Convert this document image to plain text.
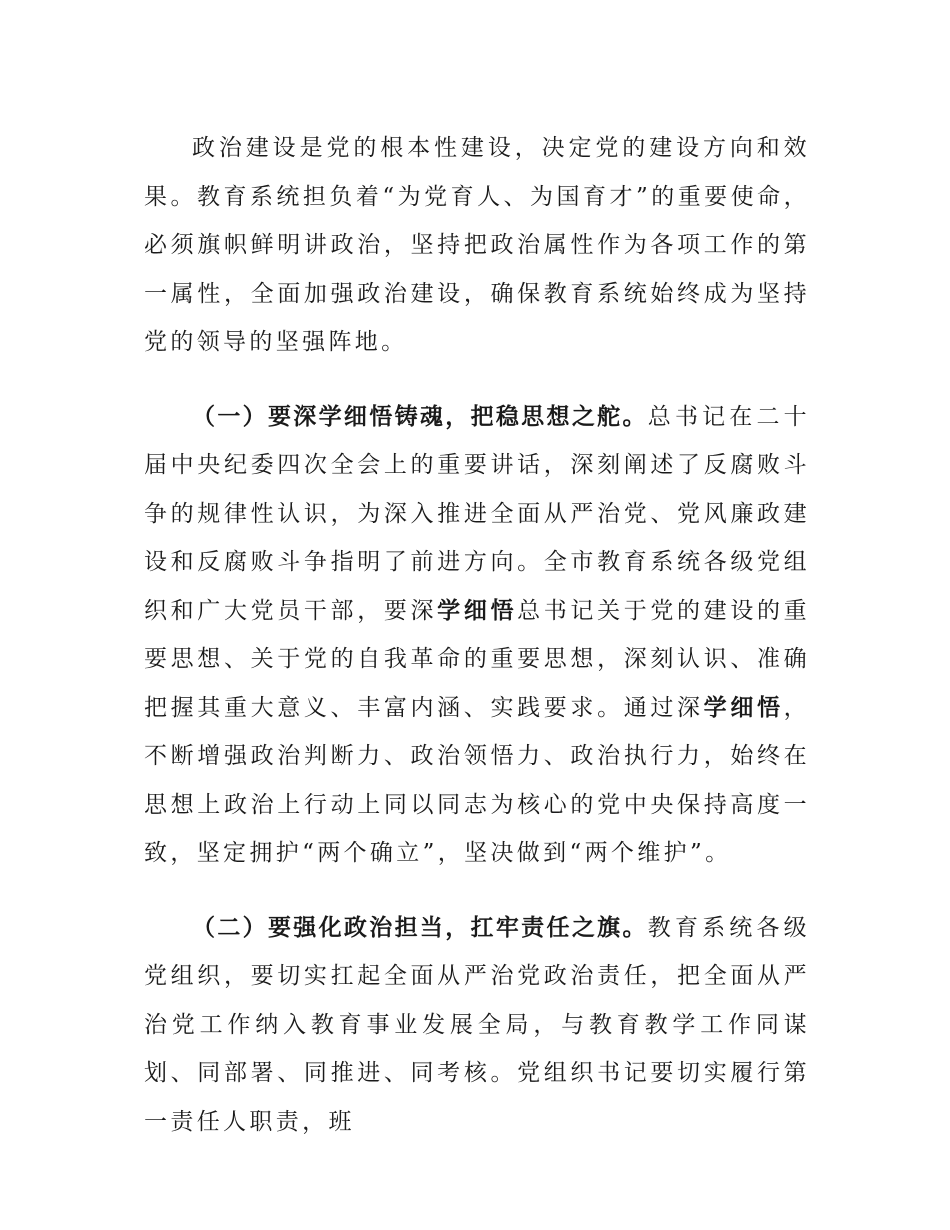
政治建设是党的根本性建设，决定党的建设方向和效果。教育系统担负着“为党育人、为国育才”的重要使命，必须旗帜鲜明讲政治，坚持把政治属性作为各项工作的第一属性，全面加强政治建设，确保教育系统始终成为坚持党的领导的坚强阵地。

（一）要深学细悟铸魂，把稳思想之舵。总书记在二十届中央纪委四次全会上的重要讲话，深刻阐述了反腐败斗争的规律性认识，为深入推进全面从严治党、党风廉政建设和反腐败斗争指明了前进方向。全市教育系统各级党组织和广大党员干部，要深学细悟总书记关于党的建设的重要思想、关于党的自我革命的重要思想，深刻认识、准确把握其重大意义、丰富内涵、实践要求。通过深学细悟，不断增强政治判断力、政治领悟力、政治执行力，始终在思想上政治上行动上同以同志为核心的党中央保持高度一致，坚定拥护“两个确立”，坚决做到“两个维护”。

（二）要强化政治担当，扛牢责任之旗。教育系统各级党组织，要切实扛起全面从严治党政治责任，把全面从严治党工作纳入教育事业发展全局，与教育教学工作同谋划、同部署、同推进、同考核。党组织书记要切实履行第一责任人职责，班
